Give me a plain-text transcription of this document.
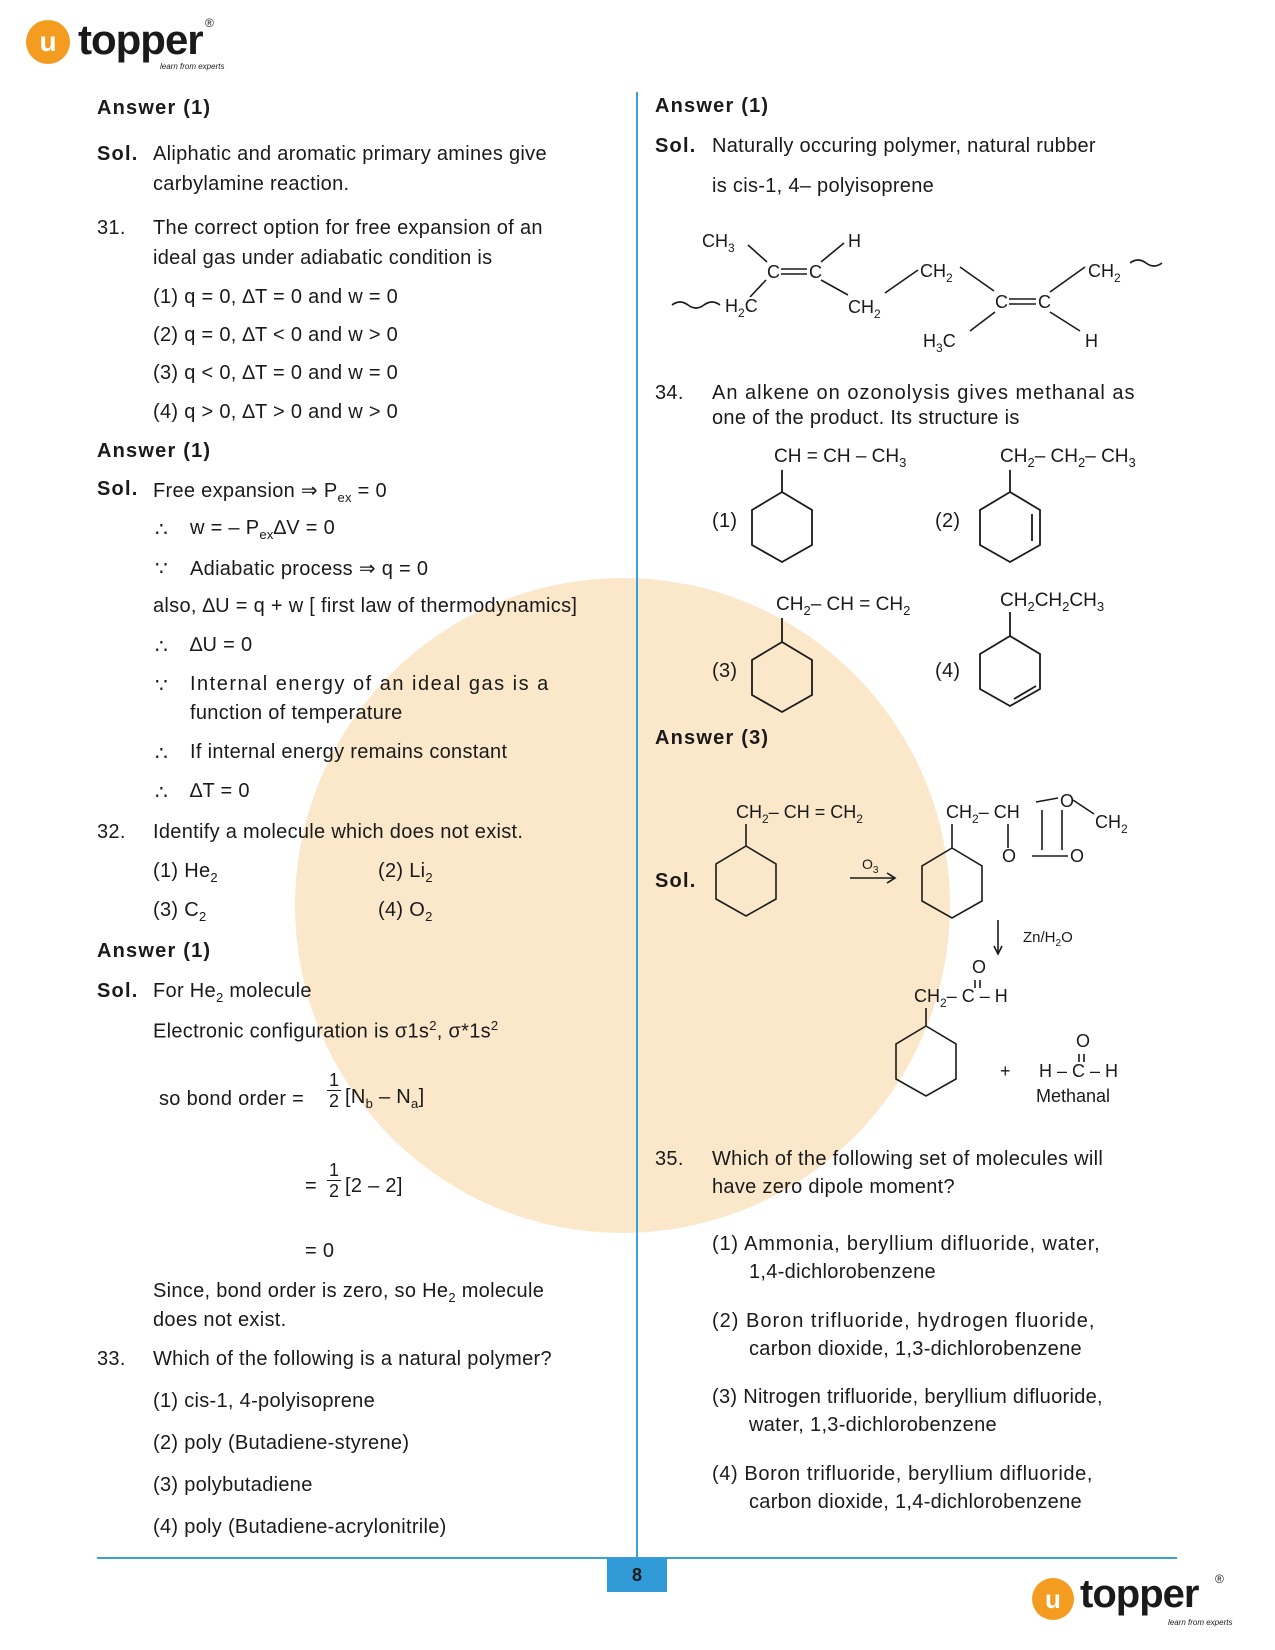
u topper ®
learn from experts
Answer (1)
Sol. Aliphatic and aromatic primary amines give
carbylamine reaction.
31. The correct option for free expansion of an
ideal gas under adiabatic condition is
(1) q = 0, ∆T = 0 and w = 0
(2) q = 0, ∆T < 0 and w > 0
(3) q < 0, ∆T = 0 and w = 0
(4) q > 0, ∆T > 0 and w > 0
Answer (1)
Sol. Free expansion ⇒ $P_{ex} = 0$
∴ w = – $P_{ex}\Delta V = 0$
∵ Adiabatic process ⇒ q = 0
also, ∆U = q + w [ first law of thermodynamics]
∴ ∆U = 0
∵ Internal energy of an ideal gas is a
function of temperature
∴ If internal energy remains constant
∴ ∆T = 0
32. Identify a molecule which does not exist.
(1) $He_2$	(2) $Li_2$
(3) $C_2$	(4) $O_2$
Answer (1)
Sol. For $He_2$ molecule
Electronic configuration is $\sigma 1s^2$, $\sigma*1s^2$
so bond order = $\frac{1}{2} [N_b - N_a]$
= $\frac{1}{2} [2 - 2]$
= 0
Since, bond order is zero, so $He_2$ molecule
does not exist.
33. Which of the following is a natural polymer?
(1) cis-1, 4-polyisoprene
(2) poly (Butadiene-styrene)
(3) polybutadiene
(4) poly (Butadiene-acrylonitrile)
Answer (1)
Sol. Naturally occuring polymer, natural rubber
is cis-1, 4– polyisoprene
$CH_3$
$H_2C$
C C
H
$CH_2$
$CH_2$
C C
$H_3C$	H
$CH_2$
34. An alkene on ozonolysis gives methanal as
one of the product. Its structure is
CH = CH – $CH_3$	$CH_2-$ $CH_2-$ $CH_3$
$CH_2-$ CH = $CH_2$	$CH_2CH_2CH_3$
(1)	(2)
(3)	(4)
Answer (3)
Sol.
$CH_2-$ CH = $CH_2$	$CH_2-$ CH
O
$CH_2$
O	O
$CH_2-$ C – H
O
+ H – C – H
O
$O_3$
$Zn/H_2O$
Methanal
35. Which of the following set of molecules will
have zero dipole moment?
(1) Ammonia, beryllium difluoride, water,
1,4-dichlorobenzene
(2) Boron trifluoride, hydrogen fluoride,
carbon dioxide, 1,3-dichlorobenzene
(3) Nitrogen trifluoride, beryllium difluoride,
water, 1,3-dichlorobenzene
(4) Boron trifluoride, beryllium difluoride,
carbon dioxide, 1,4-dichlorobenzene
8
u topper ®
learn from experts
